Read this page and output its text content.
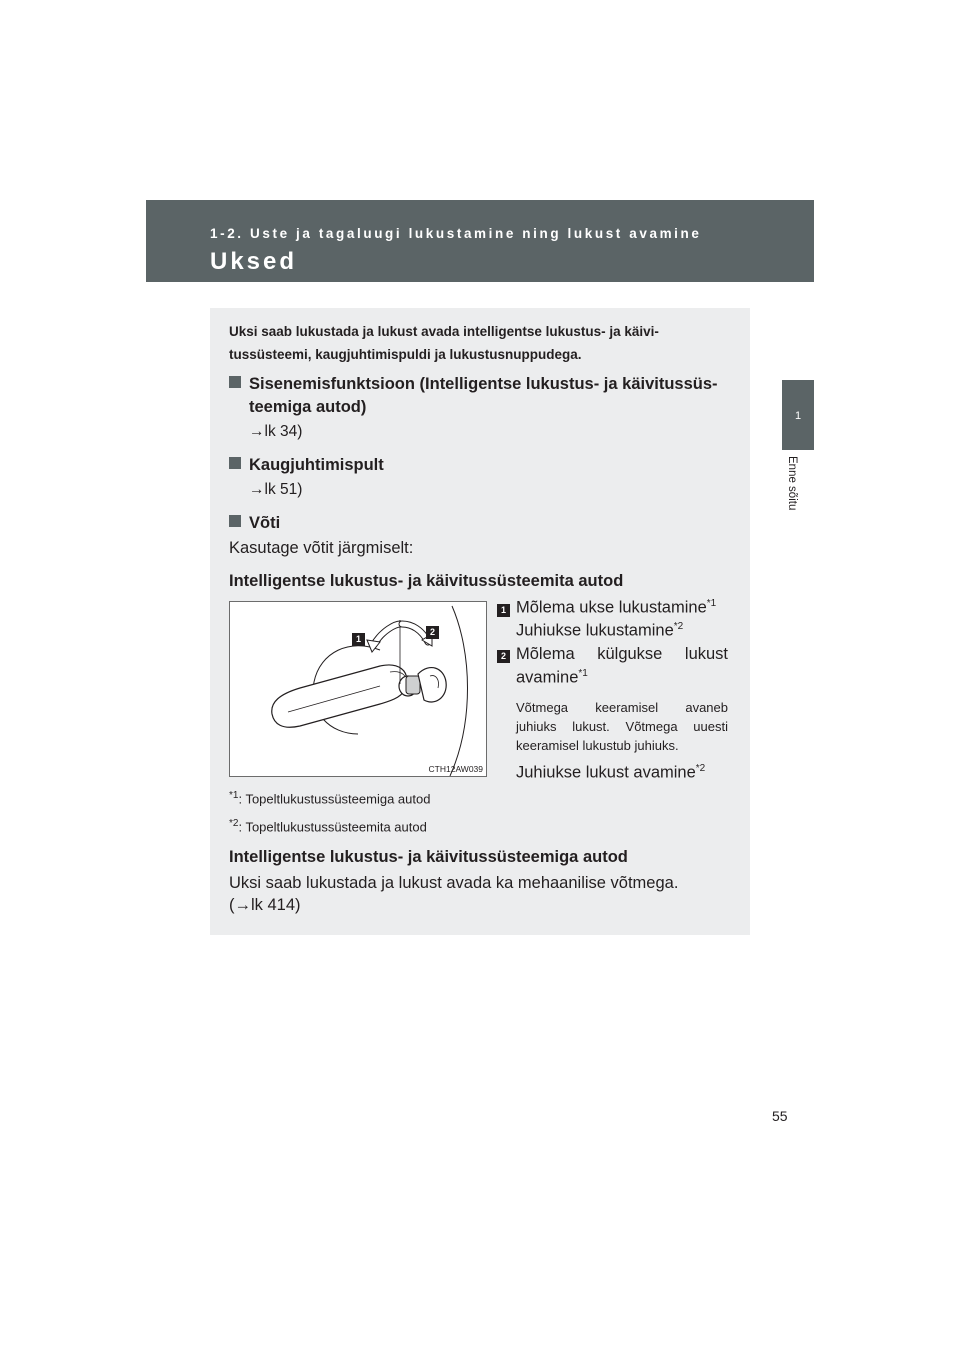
1-2. Uste ja tagaluugi lukustamine ning lukust avamine
Uksed
1
Enne sõitu
Uksi saab lukustada ja lukust avada intelligentse lukustus- ja käivi-
tussüsteemi, kaugjuhtimispuldi ja lukustusnuppudega.
Sisenemisfunktsioon (Intelligentse lukustus- ja käivitussüs-
teemiga autod)
→lk 34)
Kaugjuhtimispult
→lk 51)
Võti
Kasutage võtit järgmiselt:
Intelligentse lukustus- ja käivitussüsteemita autod
1
2
CTH12AW039
1 Mõlema ukse lukustamine$^{*1}$
Juhiukse lukustamine$^{*2}$
2 Mõlema külgukse lukust
avamine$^{*1}$
Võtmega keeramisel avaneb
juhiuks lukust. Võtmega uuesti
keeramisel lukustub juhiuks.
Juhiukse lukust avamine$^{*2}$
$^{*1}$: Topeltlukustussüsteemiga autod
$^{*2}$: Topeltlukustussüsteemita autod
Intelligentse lukustus- ja käivitussüsteemiga autod
Uksi saab lukustada ja lukust avada ka mehaanilise võtmega.
(→lk 414)
55
